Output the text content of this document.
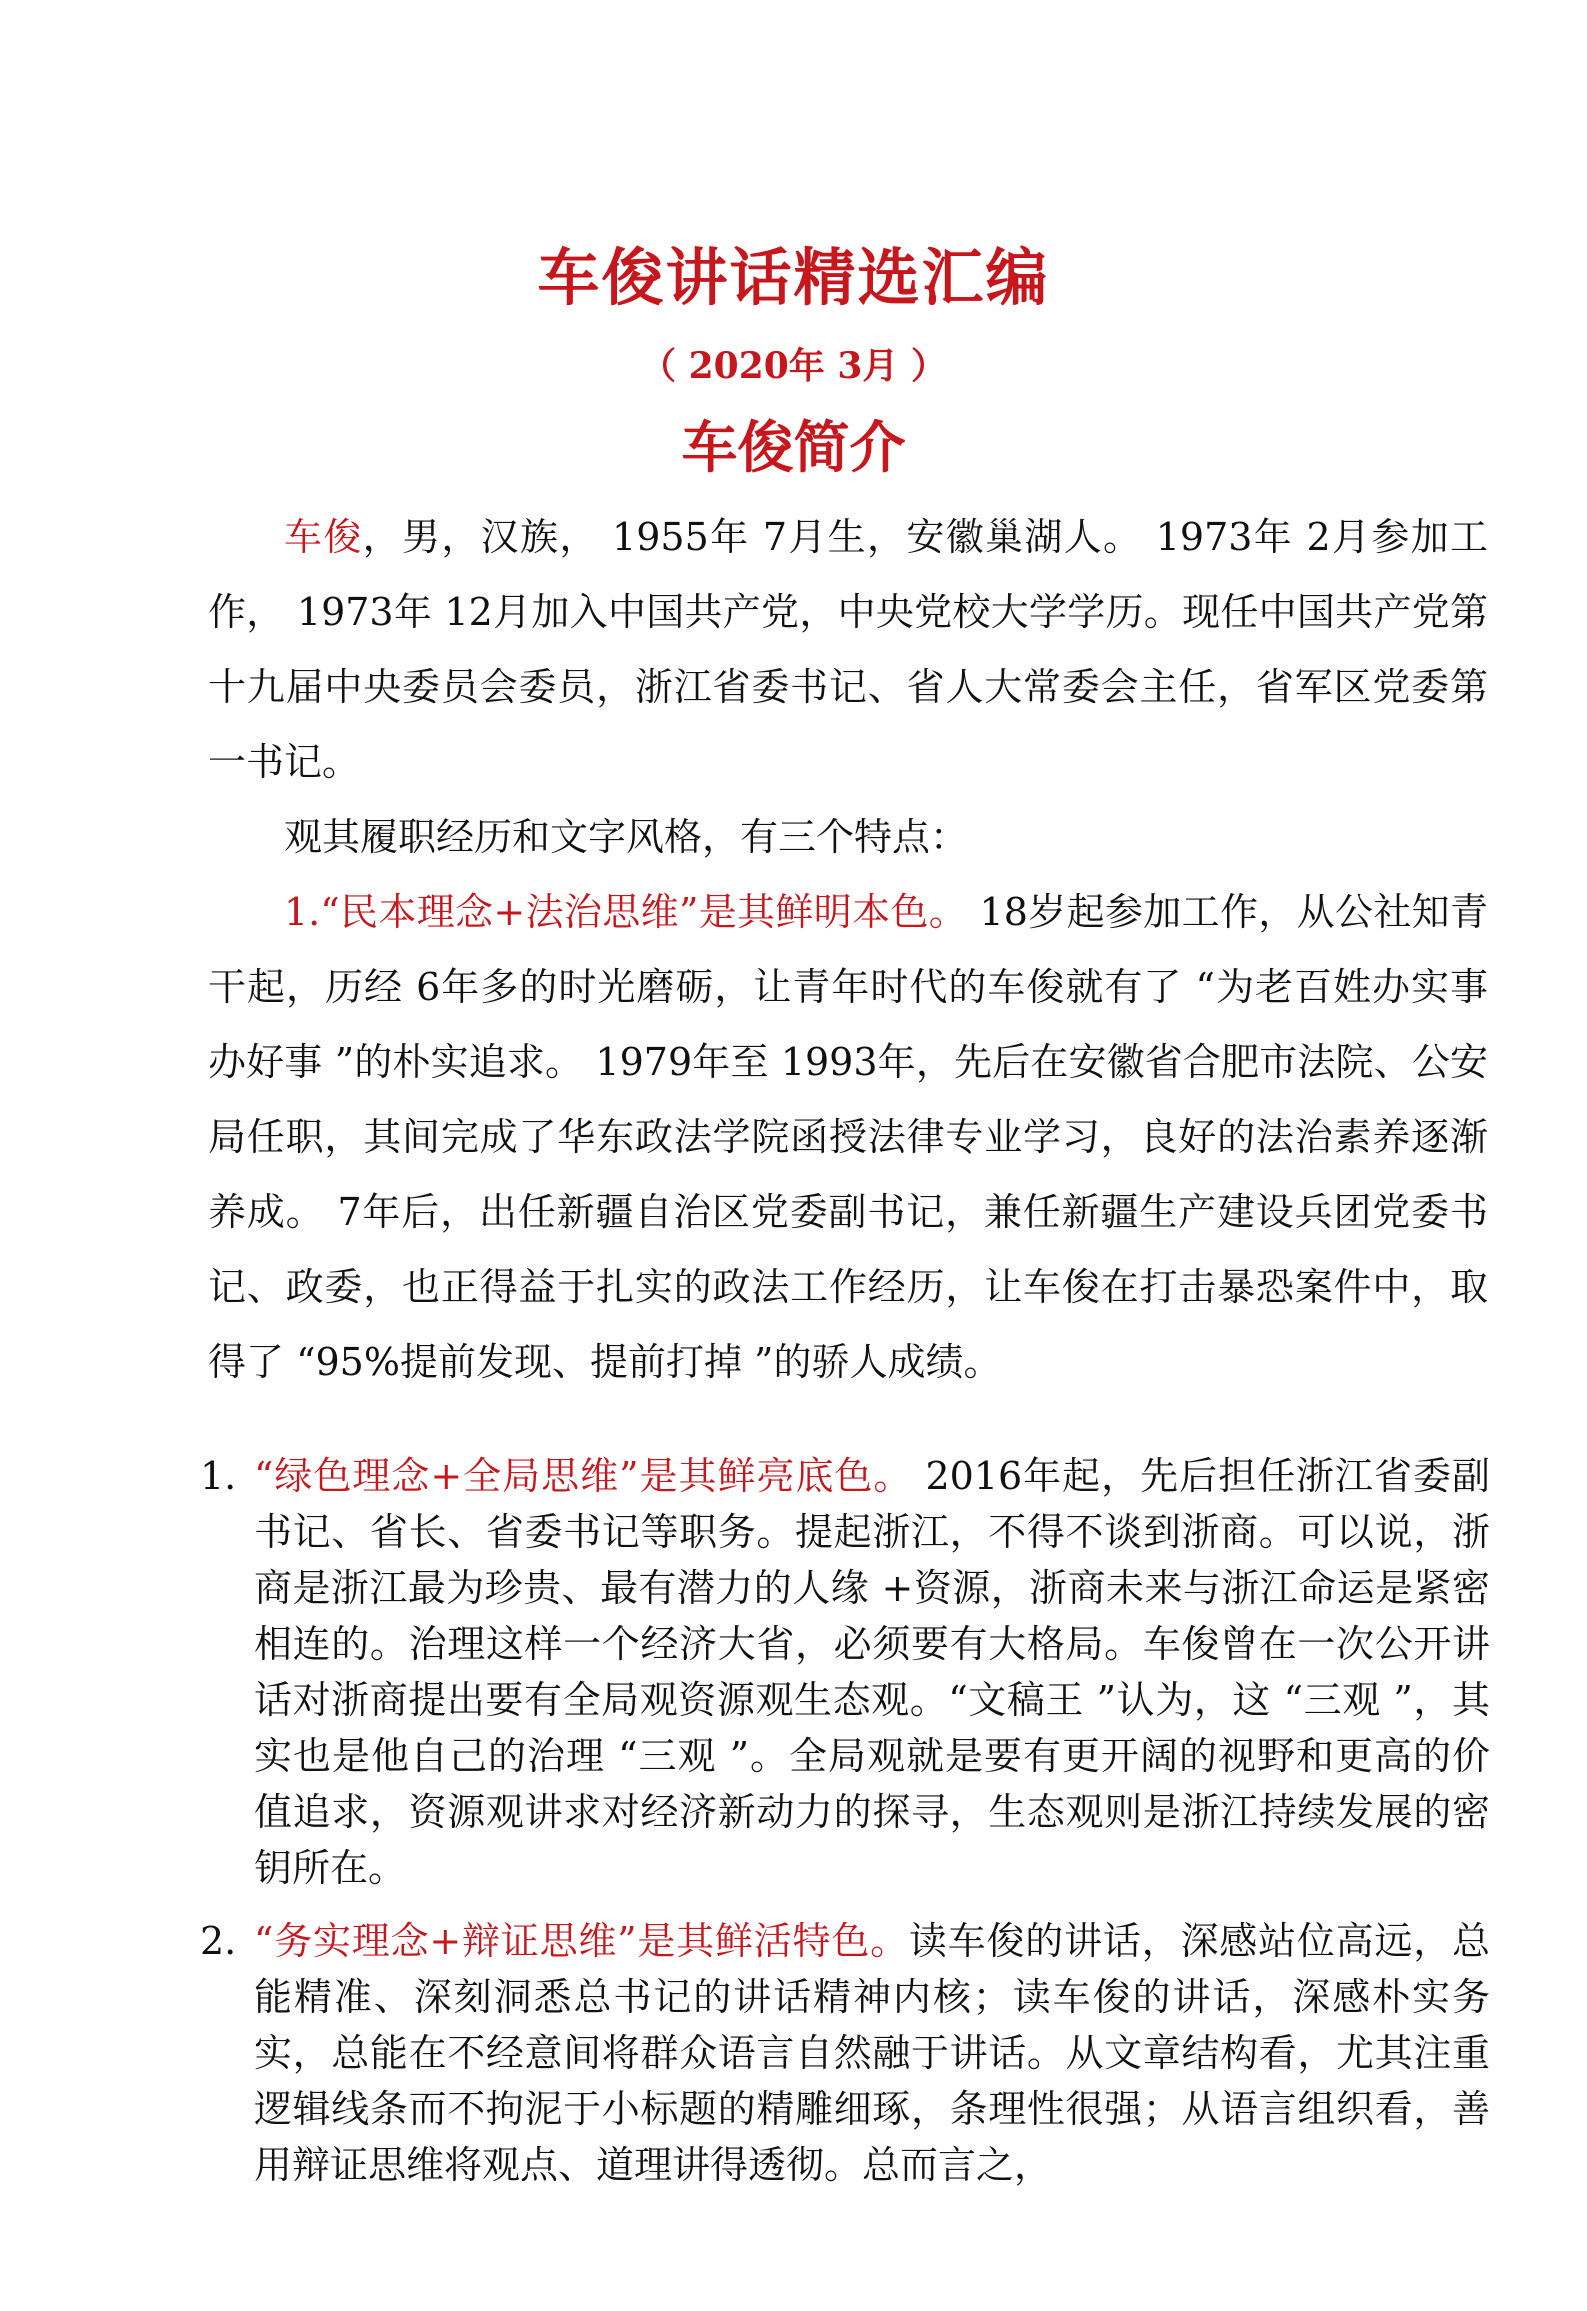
车俊讲话精选汇编
（ 2020年 3月 ）
车俊简介

车俊，男，汉族， 1955年 7月生，安徽巢湖人。 1973年 2月参加工作， 1973年 12月加入中国共产党，中央党校大学学历。现任中国共产党第十九届中央委员会委员，浙江省委书记、省人大常委会主任，省军区党委第一书记。

观其履职经历和文字风格，有三个特点：

1.“民本理念+法治思维”是其鲜明本色。 18岁起参加工作，从公社知青干起，历经 6年多的时光磨砺，让青年时代的车俊就有了 “为老百姓办实事办好事 ”的朴实追求。 1979年至 1993年，先后在安徽省合肥市法院、公安局任职，其间完成了华东政法学院函授法律专业学习，良好的法治素养逐渐养成。 7年后，出任新疆自治区党委副书记，兼任新疆生产建设兵团党委书记、政委，也正得益于扎实的政法工作经历，让车俊在打击暴恐案件中，取得了 “95%提前发现、提前打掉 ”的骄人成绩。

1. “绿色理念+全局思维”是其鲜亮底色。 2016年起，先后担任浙江省委副书记、省长、省委书记等职务。提起浙江，不得不谈到浙商。可以说，浙商是浙江最为珍贵、最有潜力的人缘 +资源，浙商未来与浙江命运是紧密相连的。治理这样一个经济大省，必须要有大格局。车俊曾在一次公开讲话对浙商提出要有全局观资源观生态观。“文稿王 ”认为，这 “三观 ”，其实也是他自己的治理 “三观 ”。全局观就是要有更开阔的视野和更高的价值追求，资源观讲求对经济新动力的探寻，生态观则是浙江持续发展的密钥所在。
2. “务实理念+辩证思维”是其鲜活特色。读车俊的讲话，深感站位高远，总能精准、深刻洞悉总书记的讲话精神内核；读车俊的讲话，深感朴实务实，总能在不经意间将群众语言自然融于讲话。从文章结构看，尤其注重逻辑线条而不拘泥于小标题的精雕细琢，条理性很强；从语言组织看，善用辩证思维将观点、道理讲得透彻。总而言之，
